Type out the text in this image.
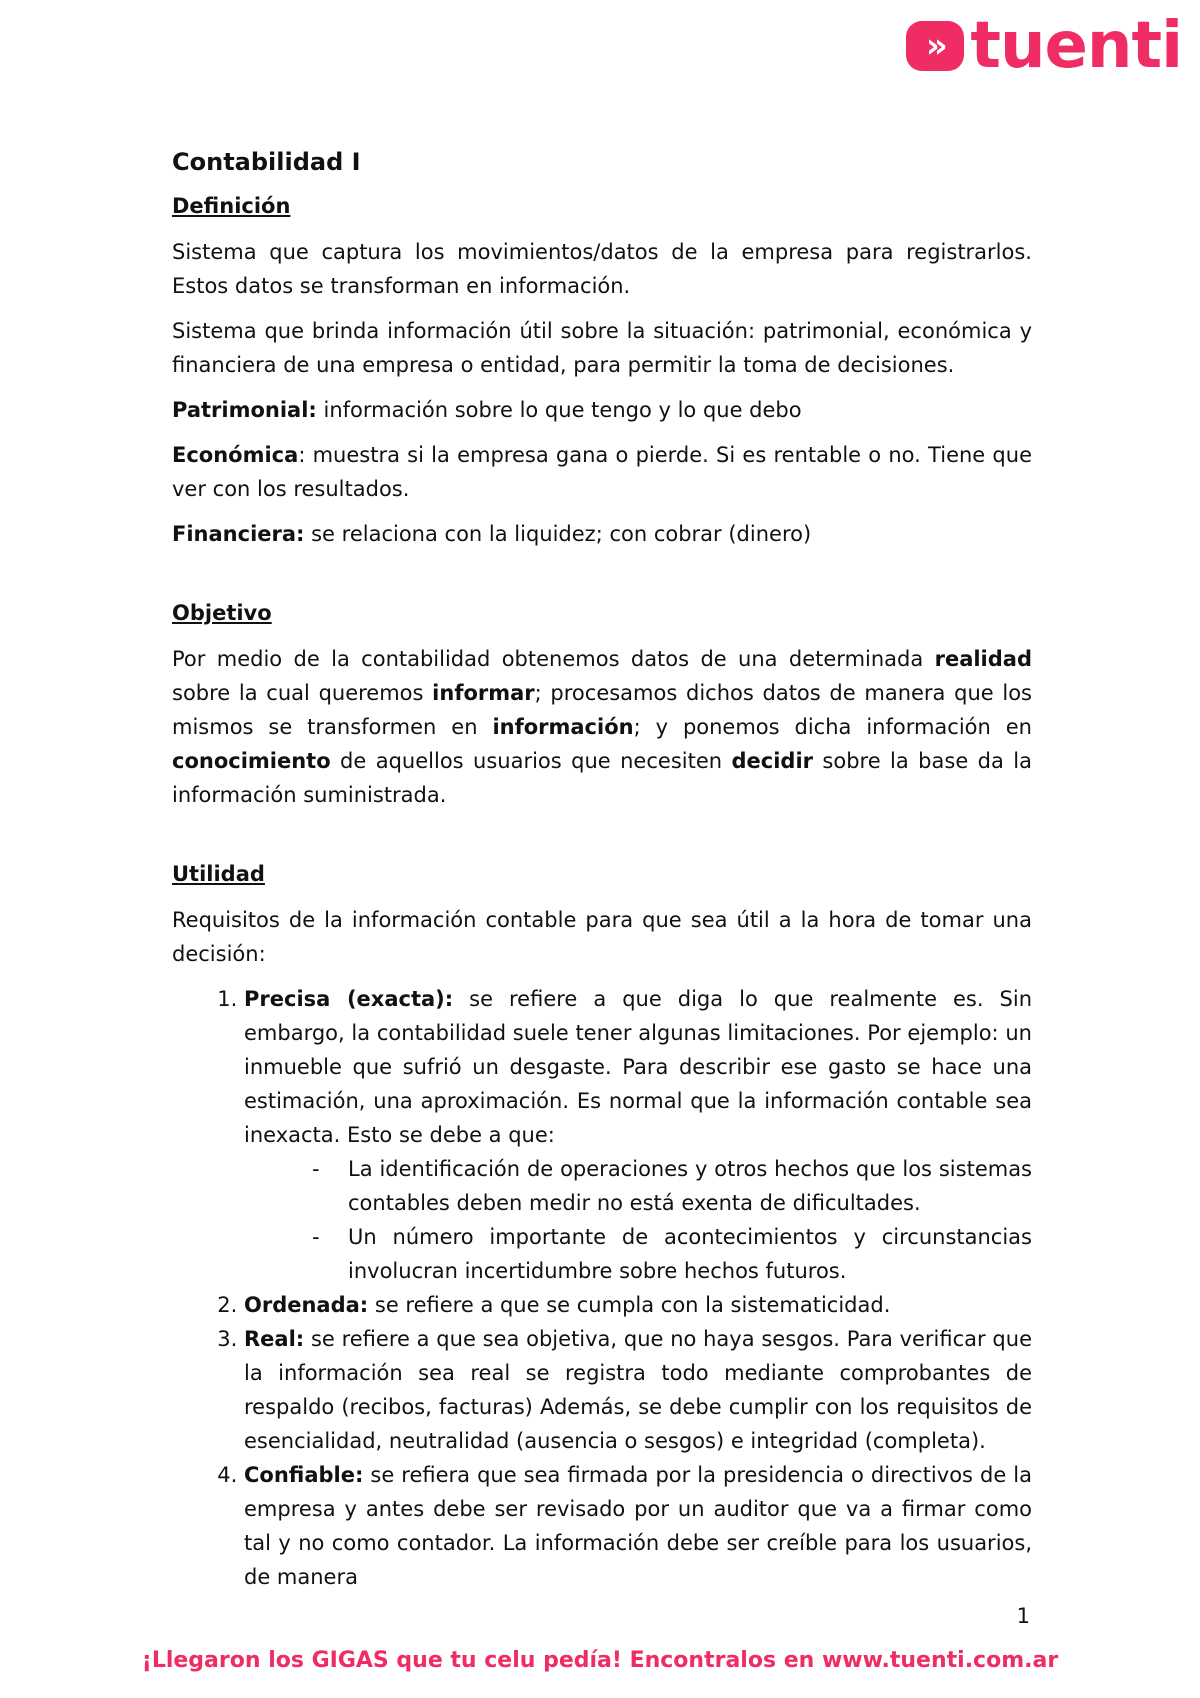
» tuenti
Contabilidad I
Definición

Sistema que captura los movimientos/datos de la empresa para registrarlos. Estos datos se transforman en información.

Sistema que brinda información útil sobre la situación: patrimonial, económica y financiera de una empresa o entidad, para permitir la toma de decisiones.

Patrimonial: información sobre lo que tengo y lo que debo

Económica: muestra si la empresa gana o pierde. Si es rentable o no. Tiene que ver con los resultados.

Financiera: se relaciona con la liquidez; con cobrar (dinero)

Objetivo

Por medio de la contabilidad obtenemos datos de una determinada realidad sobre la cual queremos informar; procesamos dichos datos de manera que los mismos se transformen en información; y ponemos dicha información en conocimiento de aquellos usuarios que necesiten decidir sobre la base da la información suministrada.

Utilidad

Requisitos de la información contable para que sea útil a la hora de tomar una decisión:

1. Precisa (exacta): se refiere a que diga lo que realmente es. Sin embargo, la contabilidad suele tener algunas limitaciones. Por ejemplo: un inmueble que sufrió un desgaste. Para describir ese gasto se hace una estimación, una aproximación. Es normal que la información contable sea inexacta. Esto se debe a que:
- La identificación de operaciones y otros hechos que los sistemas contables deben medir no está exenta de dificultades.
- Un número importante de acontecimientos y circunstancias involucran incertidumbre sobre hechos futuros.
2. Ordenada: se refiere a que se cumpla con la sistematicidad.
3. Real: se refiere a que sea objetiva, que no haya sesgos. Para verificar que la información sea real se registra todo mediante comprobantes de respaldo (recibos, facturas) Además, se debe cumplir con los requisitos de esencialidad, neutralidad (ausencia o sesgos) e integridad (completa).
4. Confiable: se refiera que sea firmada por la presidencia o directivos de la empresa y antes debe ser revisado por un auditor que va a firmar como tal y no como contador. La información debe ser creíble para los usuarios, de manera
1
¡Llegaron los GIGAS que tu celu pedía! Encontralos en www.tuenti.com.ar
